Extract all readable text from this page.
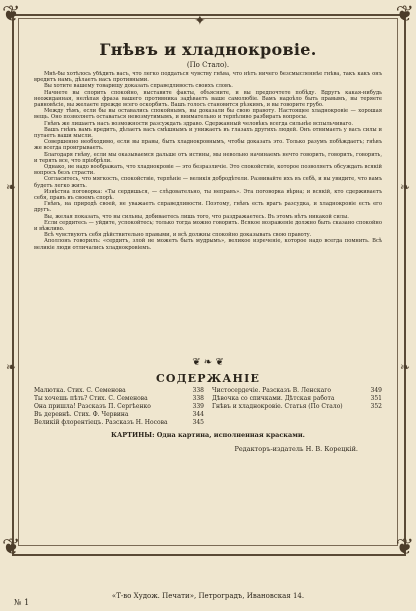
❦	❦
❦	❦
✦
❧	❧
❧	❧
Гнѣвъ и хладнокровіе.
(По Стало).

Мнѣ-бы хотѣлось убѣдить васъ, что легко поддаться чувству гнѣва, что нѣтъ ничего безсмысленнѣе гнѣва, такъ какъ онъ вредитъ намъ, дѣлаетъ насъ противными.

Вы хотите вашему товарищу доказать справедливость своихъ словъ.

Начнете вы спорить спокойно, выставите факты, объясните, и вы предпочтете побѣду. Вдругъ какая-нибудь неожиданная, нелѣпая фраза вашего противника задѣваетъ ваше самолюбіе. Вамъ надоѣло быть правымъ, вы теряете равновѣсіе, вы желаете прежде всего оскорбить. Вашъ голосъ становится рѣзкимъ, и вы говорите грубо.

Между тѣмъ, если бы вы оставались спокойнымъ, вы доказали бы свою правоту. Настоящее хладнокровіе — хорошая вещь. Оно позволяетъ оставаться невозмутимымъ, и внимательно и терпѣливо разбирать вопросы.

Гнѣвъ же лишаетъ насъ возможности разсуждать здраво. Сдержанный человѣкъ всегда сильнѣе вспыльчиваго.

Вашъ гнѣвъ вамъ вредитъ, дѣлаетъ васъ смѣшнымъ и унижаетъ въ глазахъ другихъ людей. Онъ отнимаетъ у васъ силы и путаетъ ваши мысли.

Совершенно необходимо, если вы правы, быть хладнокровнымъ, чтобы доказать это. Только разумъ побѣждаетъ; гнѣвъ же всегда проигрываетъ.

Благодаря гнѣву, если мы оказываемся дальше отъ истины, мы невольно начинаемъ нечто говорить, говорить, говорить, и терять все, что пріобрѣли.

Однако, не надо воображать, что хладнокровіе — это безразличіе. Это спокойствіе, которое позволяетъ обсуждать всякій вопросъ безъ страсти.

Согласитесь, что мягкость, спокойствіе, терпѣніе — великія добродѣтели. Развивайте ихъ въ себѣ, и вы увидите, что вамъ будетъ легко жить.

Извѣстна поговорка: «Ты сердишься, — слѣдовательно, ты неправъ». Эта поговорка вѣрна; и всякій, кто сдерживаетъ себя, правъ въ своемъ спорѣ.

Гнѣвъ, на природѣ своей, не уважаетъ справедливости. Поэтому, гнѣвъ есть врагъ разсудка, и хладнокровіе есть его другъ.

Вы, желая показать, что вы сильны, добиваетесь лишь того, что раздражаетесь. Въ этомъ нѣтъ никакой силы.

Если сердитесь — уйдите, успокойтесь; только тогда можно говорить. Всякое возраженіе должно быть сказано спокойно и вѣжливо.

Всѣ чувствуютъ себя дѣйствительно правыми, и всѣ должны спокойно доказывать свою правоту.

Аполлонъ говорилъ: «сердитъ, злой не можетъ быть мудрымъ», великое изреченіе, которое надо всегда помнить. Всѣ великіе люди отличались хладнокровіемъ.

❦ ❧ ❦
СОДЕРЖАНІЕ
Малютка. Стих. С. Семенова	338
Ты хочешь пѣть? Стих. С. Семенова	338
Она пришла! Разсказъ П. Сергѣенко	339
Въ деревнѣ. Стих. Ф. Червина	344
Великій флорентіецъ. Разсказъ Н. Носова	345
Чистосердечіе. Разсказъ В. Ленскаго	349
Дѣвочка со спичками. Дѣтская работа	351
Гнѣвъ и хладнокровіе. Статья (По Стало)	352
КАРТИНЫ: Одна картина, исполненная красками.
Редакторъ-издатель Н. В. Корецкій.
№ 1
«Т-во Худож. Печати», Петроградъ, Ивановская 14.
